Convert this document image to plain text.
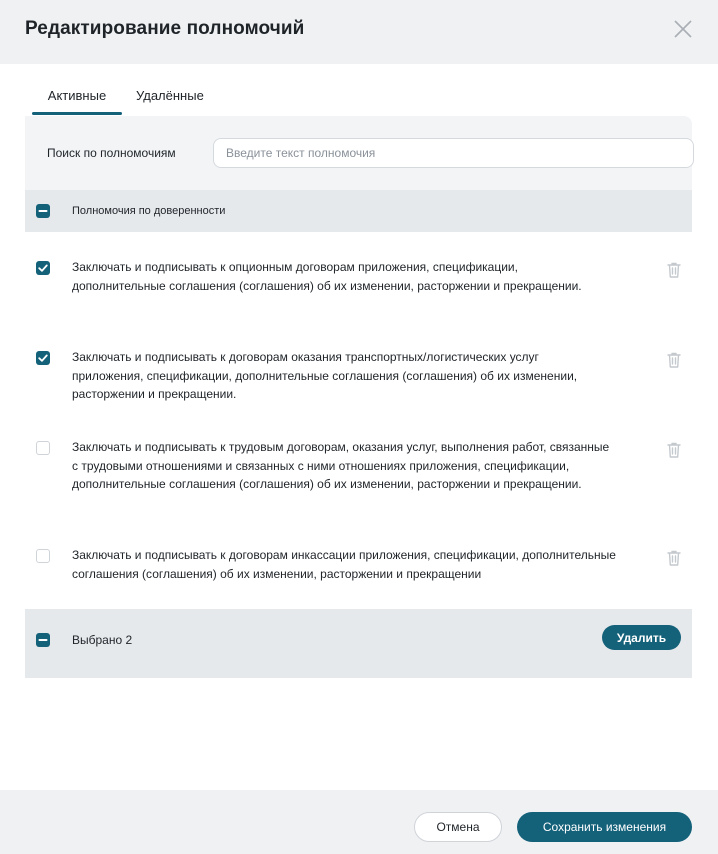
Редактирование полномочий
Активные	Удалённые
Поиск по полномочиям
Введите текст полномочия
Полномочия по доверенности
Заключать и подписывать к опционным договорам приложения, спецификации, дополнительные соглашения (соглашения) об их изменении, расторжении и прекращении.
Заключать и подписывать к договорам оказания транспортных/логистических услуг приложения, спецификации, дополнительные соглашения (соглашения) об их изменении, расторжении и прекращении.
Заключать и подписывать к трудовым договорам, оказания услуг, выполнения работ, связанные с трудовыми отношениями и связанных с ними отношениях приложения, спецификации, дополнительные соглашения (соглашения) об их изменении, расторжении и прекращении.
Заключать и подписывать к договорам инкассации приложения, спецификации, дополнительные соглашения (соглашения) об их изменении, расторжении и прекращении
Выбрано 2	Удалить
Отмена	Сохранить изменения
